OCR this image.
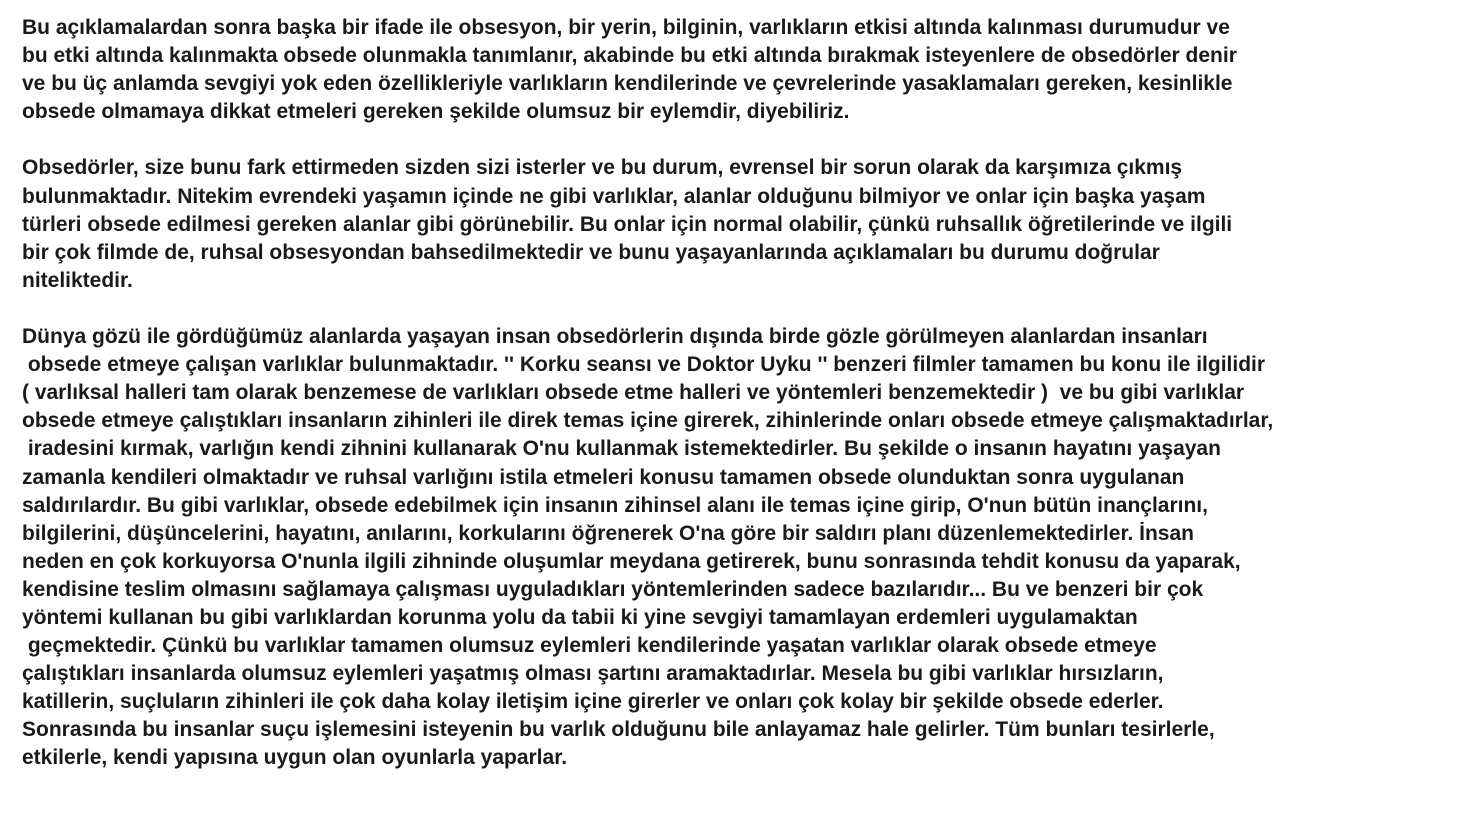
Bu açıklamalardan sonra başka bir ifade ile obsesyon, bir yerin, bilginin, varlıkların etkisi altında kalınması durumudur ve
bu etki altında kalınmakta obsede olunmakla tanımlanır, akabinde bu etki altında bırakmak isteyenlere de obsedörler denir
ve bu üç anlamda sevgiyi yok eden özellikleriyle varlıkların kendilerinde ve çevrelerinde yasaklamaları gereken, kesinlikle
obsede olmamaya dikkat etmeleri gereken şekilde olumsuz bir eylemdir, diyebiliriz.
Obsedörler, size bunu fark ettirmeden sizden sizi isterler ve bu durum, evrensel bir sorun olarak da karşımıza çıkmış
bulunmaktadır. Nitekim evrendeki yaşamın içinde ne gibi varlıklar, alanlar olduğunu bilmiyor ve onlar için başka yaşam
türleri obsede edilmesi gereken alanlar gibi görünebilir. Bu onlar için normal olabilir, çünkü ruhsallık öğretilerinde ve ilgili
bir çok filmde de, ruhsal obsesyondan bahsedilmektedir ve bunu yaşayanlarında açıklamaları bu durumu doğrular
niteliktedir.
Dünya gözü ile gördüğümüz alanlarda yaşayan insan obsedörlerin dışında birde gözle görülmeyen alanlardan insanları
obsede etmeye çalışan varlıklar bulunmaktadır. '' Korku seansı ve Doktor Uyku '' benzeri filmler tamamen bu konu ile ilgilidir
( varlıksal halleri tam olarak benzemese de varlıkları obsede etme halleri ve yöntemleri benzemektedir )  ve bu gibi varlıklar
obsede etmeye çalıştıkları insanların zihinleri ile direk temas içine girerek, zihinlerinde onları obsede etmeye çalışmaktadırlar,
iradesini kırmak, varlığın kendi zihnini kullanarak O'nu kullanmak istemektedirler. Bu şekilde o insanın hayatını yaşayan
zamanla kendileri olmaktadır ve ruhsal varlığını istila etmeleri konusu tamamen obsede olunduktan sonra uygulanan
saldırılardır. Bu gibi varlıklar, obsede edebilmek için insanın zihinsel alanı ile temas içine girip, O'nun bütün inançlarını,
bilgilerini, düşüncelerini, hayatını, anılarını, korkularını öğrenerek O'na göre bir saldırı planı düzenlemektedirler. İnsan
neden en çok korkuyorsa O'nunla ilgili zihninde oluşumlar meydana getirerek, bunu sonrasında tehdit konusu da yaparak,
kendisine teslim olmasını sağlamaya çalışması uyguladıkları yöntemlerinden sadece bazılarıdır... Bu ve benzeri bir çok
yöntemi kullanan bu gibi varlıklardan korunma yolu da tabii ki yine sevgiyi tamamlayan erdemleri uygulamaktan
geçmektedir. Çünkü bu varlıklar tamamen olumsuz eylemleri kendilerinde yaşatan varlıklar olarak obsede etmeye
çalıştıkları insanlarda olumsuz eylemleri yaşatmış olması şartını aramaktadırlar. Mesela bu gibi varlıklar hırsızların,
katillerin, suçluların zihinleri ile çok daha kolay iletişim içine girerler ve onları çok kolay bir şekilde obsede ederler.
Sonrasında bu insanlar suçu işlemesini isteyenin bu varlık olduğunu bile anlayamaz hale gelirler. Tüm bunları tesirlerle,
etkilerle, kendi yapısına uygun olan oyunlarla yaparlar.
